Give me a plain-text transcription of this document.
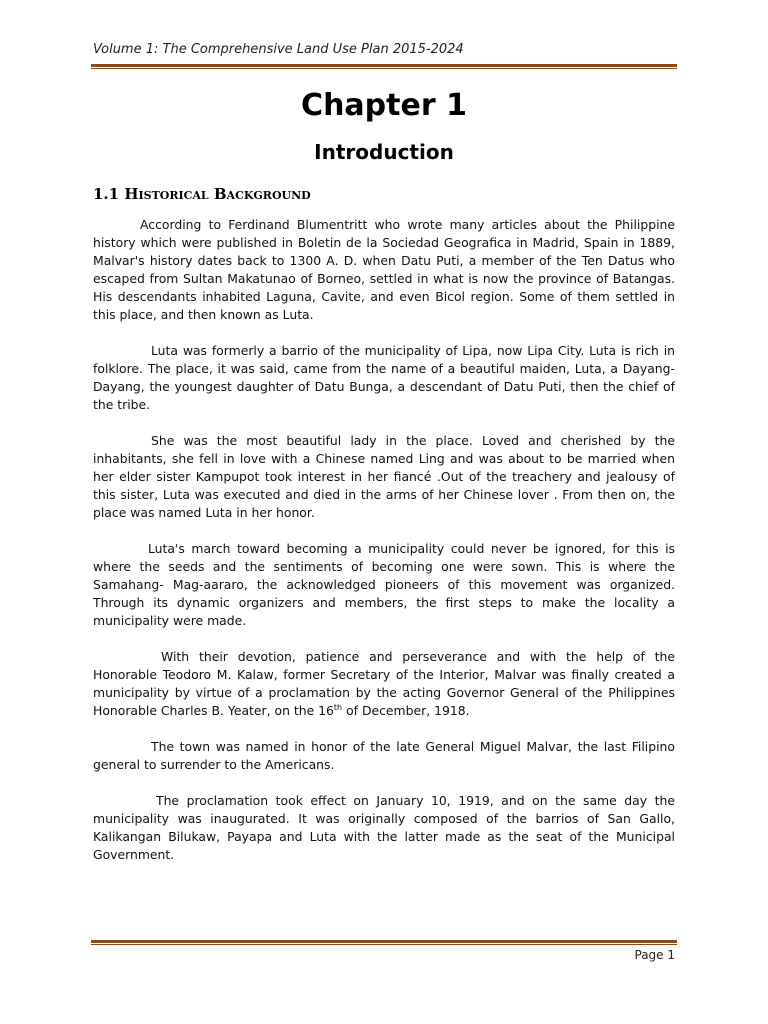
Volume 1: The Comprehensive Land Use Plan 2015-2024
Chapter 1
Introduction
1.1 Historical Background

According to Ferdinand Blumentritt who wrote many articles about the Philippine history which were published in Boletin de la Sociedad Geografica in Madrid, Spain in 1889, Malvar's history dates back to 1300 A. D. when Datu Puti, a member of the Ten Datus who escaped from Sultan Makatunao of Borneo, settled in what is now the province of Batangas. His descendants inhabited Laguna, Cavite, and even Bicol region. Some of them settled in this place, and then known as Luta.

Luta was formerly a barrio of the municipality of Lipa, now Lipa City. Luta is rich in folklore. The place, it was said, came from the name of a beautiful maiden, Luta, a Dayang-Dayang, the youngest daughter of Datu Bunga, a descendant of Datu Puti, then the chief of the tribe.

She was the most beautiful lady in the place. Loved and cherished by the inhabitants, she fell in love with a Chinese named Ling and was about to be married when her elder sister Kampupot took interest in her fiancé .Out of the treachery and jealousy of this sister, Luta was executed and died in the arms of her Chinese lover . From then on, the place was named Luta in her honor.

Luta's march toward becoming a municipality could never be ignored, for this is where the seeds and the sentiments of becoming one were sown. This is where the Samahang- Mag-aararo, the acknowledged pioneers of this movement was organized. Through its dynamic organizers and members, the first steps to make the locality a municipality were made.

With their devotion, patience and perseverance and with the help of the Honorable Teodoro M. Kalaw, former Secretary of the Interior, Malvar was finally created a municipality by virtue of a proclamation by the acting Governor General of the Philippines Honorable Charles B. Yeater, on the 16th of December, 1918.

The town was named in honor of the late General Miguel Malvar, the last Filipino general to surrender to the Americans.

The proclamation took effect on January 10, 1919, and on the same day the municipality was inaugurated. It was originally composed of the barrios of San Gallo, Kalikangan Bilukaw, Payapa and Luta with the latter made as the seat of the Municipal Government.

Page 1
